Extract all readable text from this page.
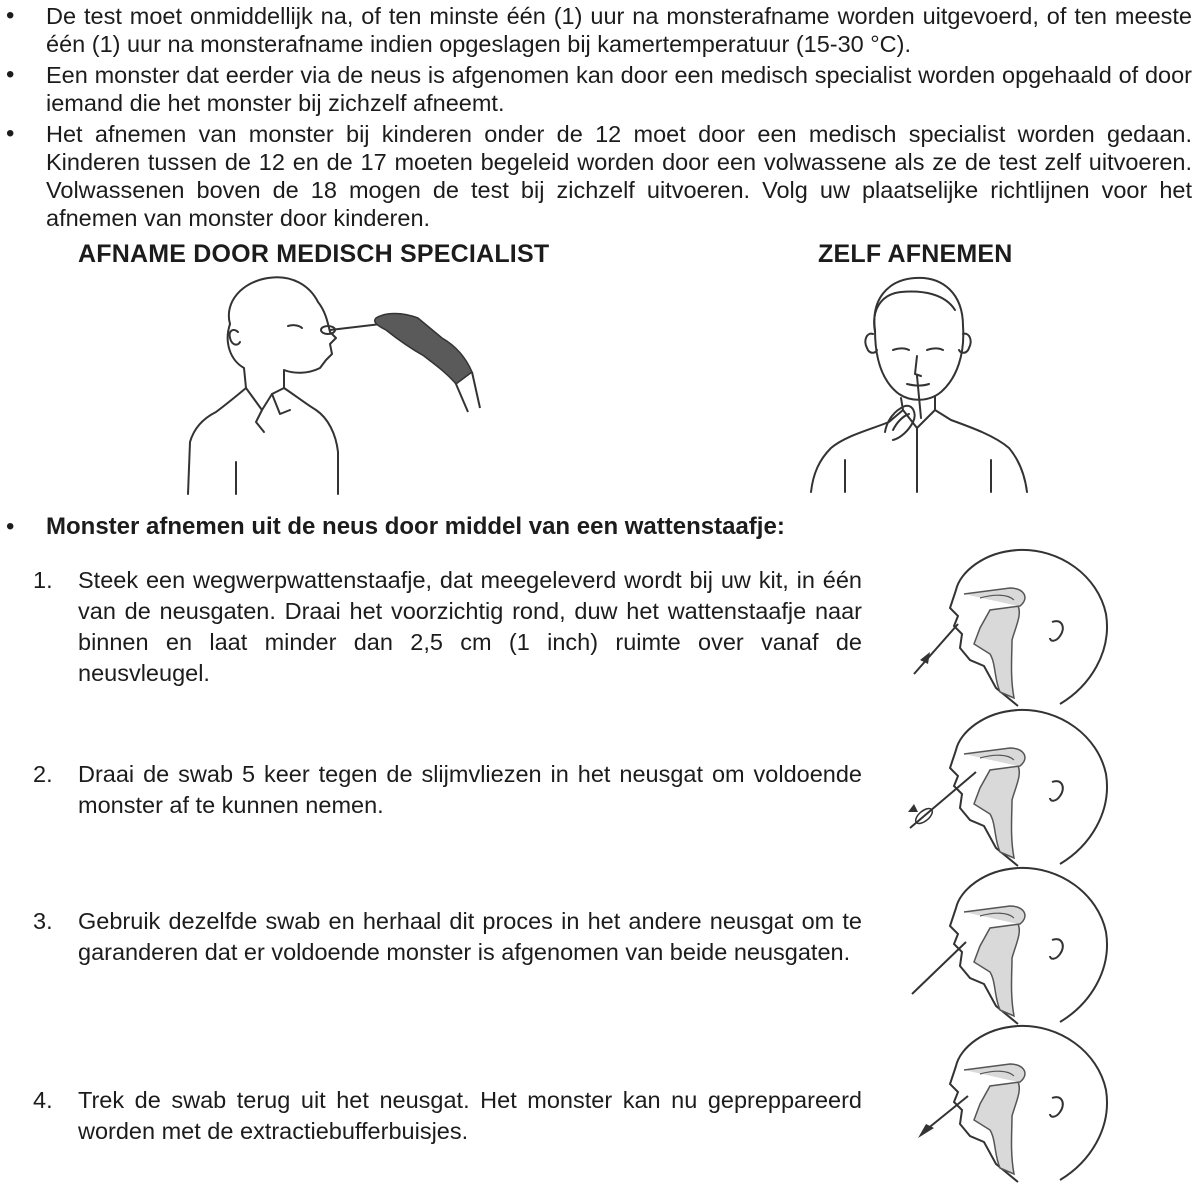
• De test moet onmiddellijk na, of ten minste één (1) uur na monsterafname worden uitgevoerd, of ten meeste één (1) uur na monsterafname indien opgeslagen bij kamertemperatuur (15-30 °C).
• Een monster dat eerder via de neus is afgenomen kan door een medisch specialist worden opgehaald of door iemand die het monster bij zichzelf afneemt.
• Het afnemen van monster bij kinderen onder de 12 moet door een medisch specialist worden gedaan. Kinderen tussen de 12 en de 17 moeten begeleid worden door een volwassene als ze de test zelf uitvoeren. Volwassenen boven de 18 mogen de test bij zichzelf uitvoeren. Volg uw plaatselijke richtlijnen voor het afnemen van monster door kinderen.
AFNAME DOOR MEDISCH SPECIALIST	ZELF AFNEMEN
• Monster afnemen uit de neus door middel van een wattenstaafje:
1. Steek een wegwerpwattenstaafje, dat meegeleverd wordt bij uw kit, in één van de neusgaten. Draai het voorzichtig rond, duw het wattenstaafje naar binnen en laat minder dan 2,5 cm (1 inch) ruimte over vanaf de neusvleugel.
2. Draai de swab 5 keer tegen de slijmvliezen in het neusgat om voldoende monster af te kunnen nemen.
3. Gebruik dezelfde swab en herhaal dit proces in het andere neusgat om te garanderen dat er voldoende monster is afgenomen van beide neusgaten.
4. Trek de swab terug uit het neusgat. Het monster kan nu gepreppareerd worden met de extractiebufferbuisjes.
